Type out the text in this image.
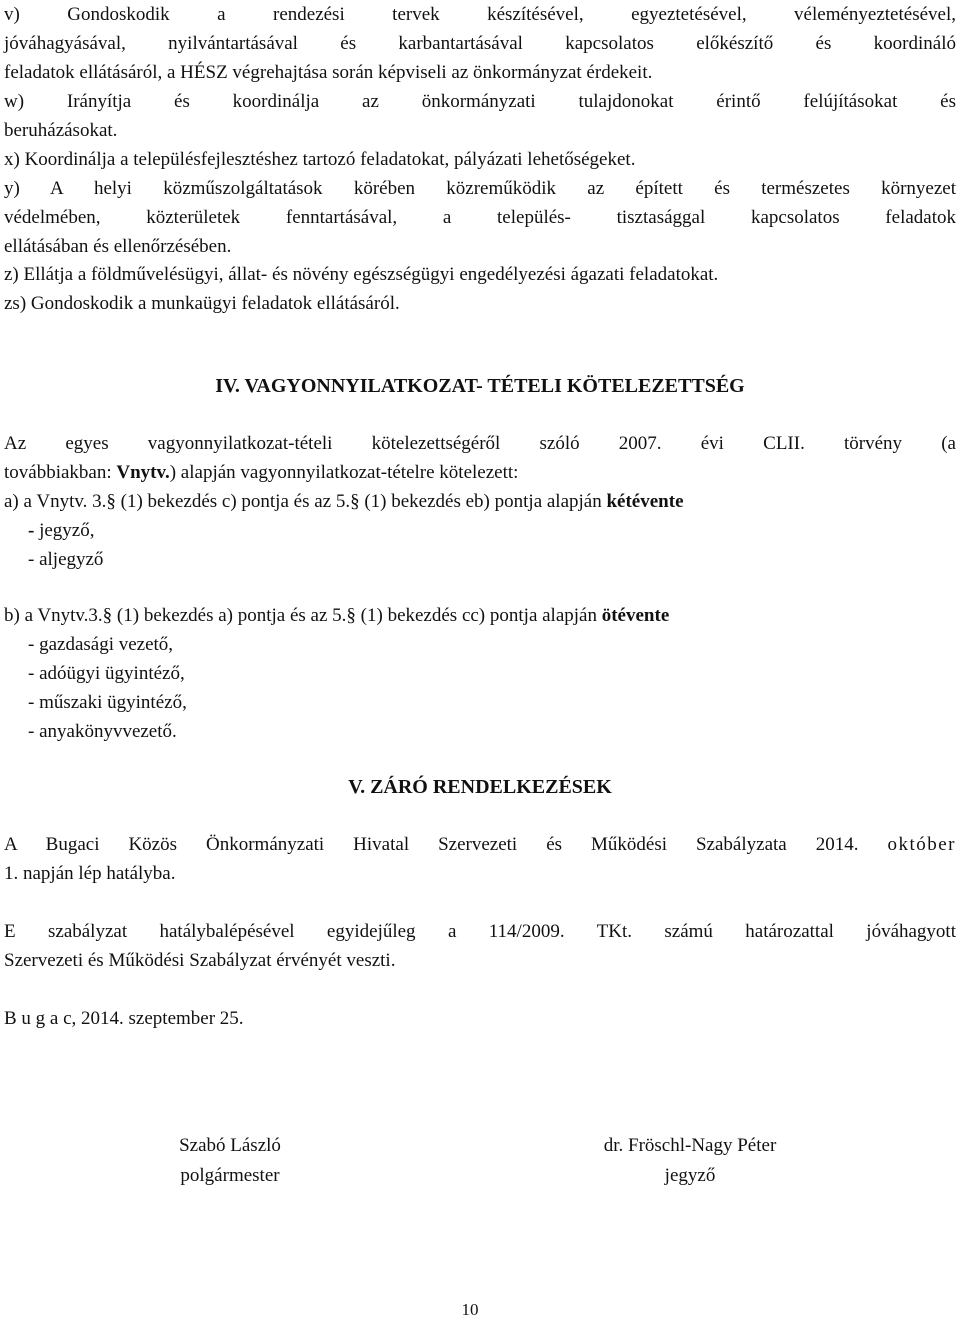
v) Gondoskodik a rendezési tervek készítésével, egyeztetésével, véleményeztetésével,
jóváhagyásával, nyilvántartásával és karbantartásával kapcsolatos előkészítő és koordináló
feladatok ellátásáról, a HÉSZ végrehajtása során képviseli az önkormányzat érdekeit.

w) Irányítja és koordinálja az önkormányzati tulajdonokat érintő felújításokat és
beruházásokat.

x) Koordinálja a településfejlesztéshez tartozó feladatokat, pályázati lehetőségeket.

y) A helyi közműszolgáltatások körében közreműködik az épített és természetes környezet
védelmében, közterületek fenntartásával, a település- tisztasággal kapcsolatos feladatok
ellátásában és ellenőrzésében.

z) Ellátja a földművelésügyi, állat- és növény egészségügyi engedélyezési ágazati feladatokat.

zs) Gondoskodik a munkaügyi feladatok ellátásáról.

IV. VAGYONNYILATKOZAT- TÉTELI KÖTELEZETTSÉG

Az egyes vagyonnyilatkozat-tételi kötelezettségéről szóló 2007. évi CLII. törvény (a
továbbiakban: Vnytv.) alapján vagyonnyilatkozat-tételre kötelezett:

a) a Vnytv. 3.§ (1) bekezdés c) pontja és az 5.§ (1) bekezdés eb) pontja alapján kétévente
- jegyző,
- aljegyző

b) a Vnytv.3.§ (1) bekezdés a) pontja és az 5.§ (1) bekezdés cc) pontja alapján ötévente
- gazdasági vezető,
- adóügyi ügyintéző,
- műszaki ügyintéző,
- anyakönyvvezető.

V. ZÁRÓ RENDELKEZÉSEK

A Bugaci Közös Önkormányzati Hivatal Szervezeti és Működési Szabályzata 2014. október
1. napján lép hatályba.

E szabályzat hatálybalépésével egyidejűleg a 114/2009. TKt. számú határozattal jóváhagyott
Szervezeti és Működési Szabályzat érvényét veszti.

B u g a c, 2014. szeptember 25.

Szabó László
polgármester
dr. Fröschl-Nagy Péter
jegyző
10
